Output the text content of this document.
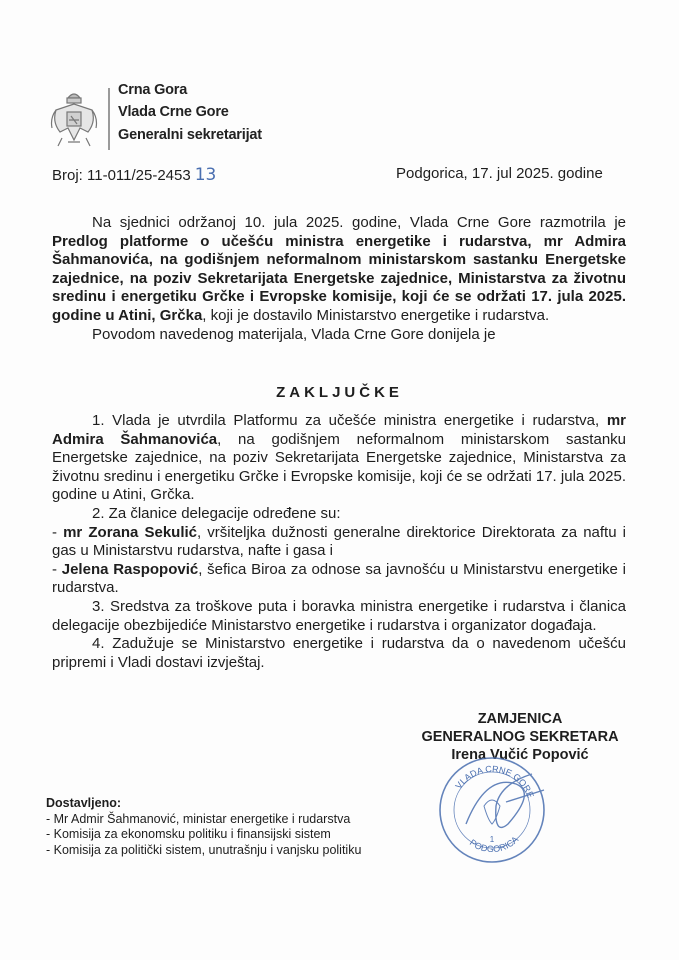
Crna Gora
Vlada Crne Gore
Generalni sekretarijat
Broj: 11-011/25-2453 13	Podgorica, 17. jul 2025. godine
Na sjednici održanoj 10. jula 2025. godine, Vlada Crne Gore razmotrila je Predlog platforme o učešću ministra energetike i rudarstva, mr Admira Šahmanovića, na godišnjem neformalnom ministarskom sastanku Energetske zajednice, na poziv Sekretarijata Energetske zajednice, Ministarstva za životnu sredinu i energetiku Grčke i Evropske komisije, koji će se održati 17. jula 2025. godine u Atini, Grčka, koji je dostavilo Ministarstvo energetike i rudarstva.
Povodom navedenog materijala, Vlada Crne Gore donijela je
ZAKLJUČKE
1. Vlada je utvrdila Platformu za učešće ministra energetike i rudarstva, mr Admira Šahmanovića, na godišnjem neformalnom ministarskom sastanku Energetske zajednice, na poziv Sekretarijata Energetske zajednice, Ministarstva za životnu sredinu i energetiku Grčke i Evropske komisije, koji će se održati 17. jula 2025. godine u Atini, Grčka.
2. Za članice delegacije određene su:
- mr Zorana Sekulić, vršiteljka dužnosti generalne direktorice Direktorata za naftu i gas u Ministarstvu rudarstva, nafte i gasa i
- Jelena Raspopović, šefica Biroa za odnose sa javnošću u Ministarstvu energetike i rudarstva.
3. Sredstva za troškove puta i boravka ministra energetike i rudarstva i članica delegacije obezbijediće Ministarstvo energetike i rudarstva i organizator događaja.
4. Zadužuje se Ministarstvo energetike i rudarstva da o navedenom učešću pripremi i Vladi dostavi izvještaj.
ZAMJENICA
GENERALNOG SEKRETARA
Irena Vučić Popović
VLADA CRNE GORE
PODGORICA
1
Dostavljeno:
- Mr Admir Šahmanović, ministar energetike i rudarstva
- Komisija za ekonomsku politiku i finansijski sistem
- Komisija za politički sistem, unutrašnju i vanjsku politiku
